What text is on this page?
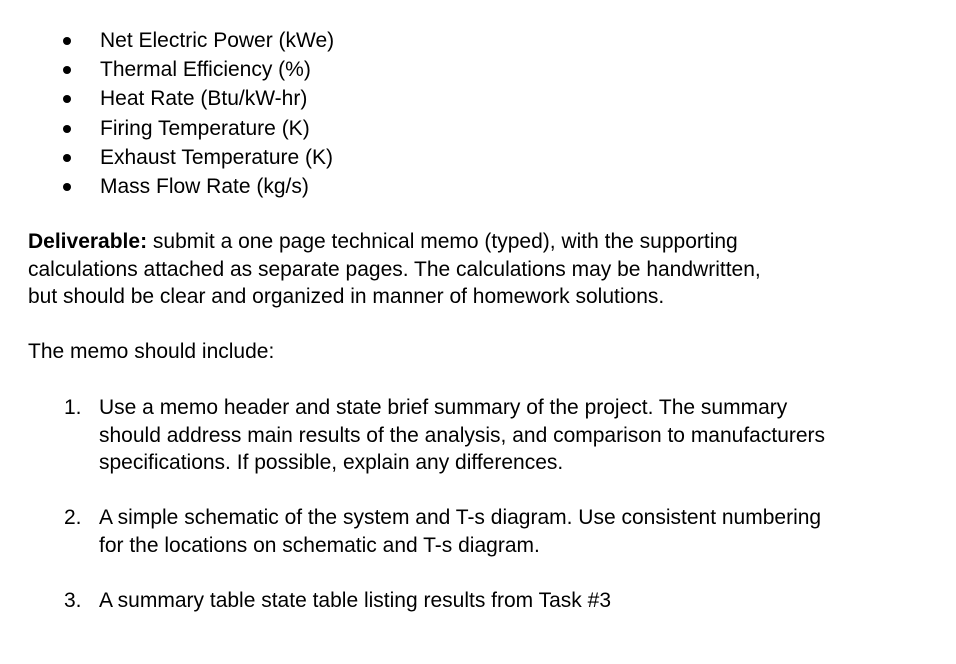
Net Electric Power (kWe)
Thermal Efficiency (%)
Heat Rate (Btu/kW-hr)
Firing Temperature (K)
Exhaust Temperature (K)
Mass Flow Rate (kg/s)

Deliverable: submit a one page technical memo (typed), with the supporting
calculations attached as separate pages. The calculations may be handwritten,
but should be clear and organized in manner of homework solutions.

The memo should include:

1. Use a memo header and state brief summary of the project. The summary
should address main results of the analysis, and comparison to manufacturers
specifications. If possible, explain any differences.
2. A simple schematic of the system and T-s diagram. Use consistent numbering
for the locations on schematic and T-s diagram.
3. A summary table state table listing results from Task #3
